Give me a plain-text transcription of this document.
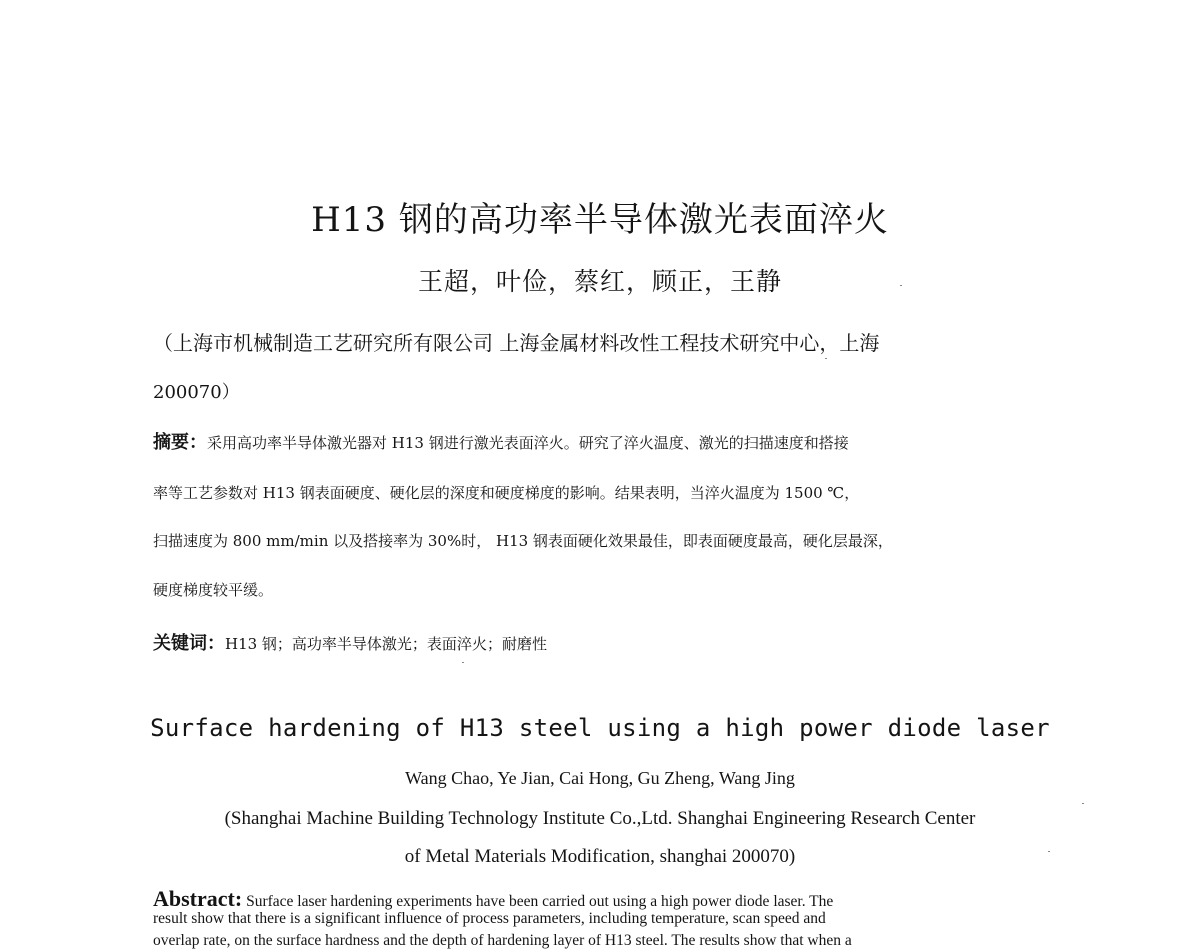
H13 钢的高功率半导体激光表面淬火
王超，叶俭，蔡红，顾正，王静
（上海市机械制造工艺研究所有限公司 上海金属材料改性工程技术研究中心，上海
200070）
摘要：采用高功率半导体激光器对 H13 钢进行激光表面淬火。研究了淬火温度、激光的扫描速度和搭接
率等工艺参数对 H13 钢表面硬度、硬化层的深度和硬度梯度的影响。结果表明，当淬火温度为 1500 ℃，
扫描速度为 800 mm/min 以及搭接率为 30%时， H13 钢表面硬化效果最佳，即表面硬度最高，硬化层最深，
硬度梯度较平缓。
关键词：H13 钢；高功率半导体激光；表面淬火；耐磨性
Surface hardening of H13 steel using a high power diode laser
Wang Chao, Ye Jian, Cai Hong, Gu Zheng, Wang Jing
(Shanghai Machine Building Technology Institute Co.,Ltd. Shanghai Engineering Research Center
of Metal Materials Modification, shanghai 200070)
Abstract: Surface laser hardening experiments have been carried out using a high power diode laser. The
result show that there is a significant influence of process parameters, including temperature, scan speed and
overlap rate, on the surface hardness and the depth of hardening layer of H13 steel. The results show that when a
